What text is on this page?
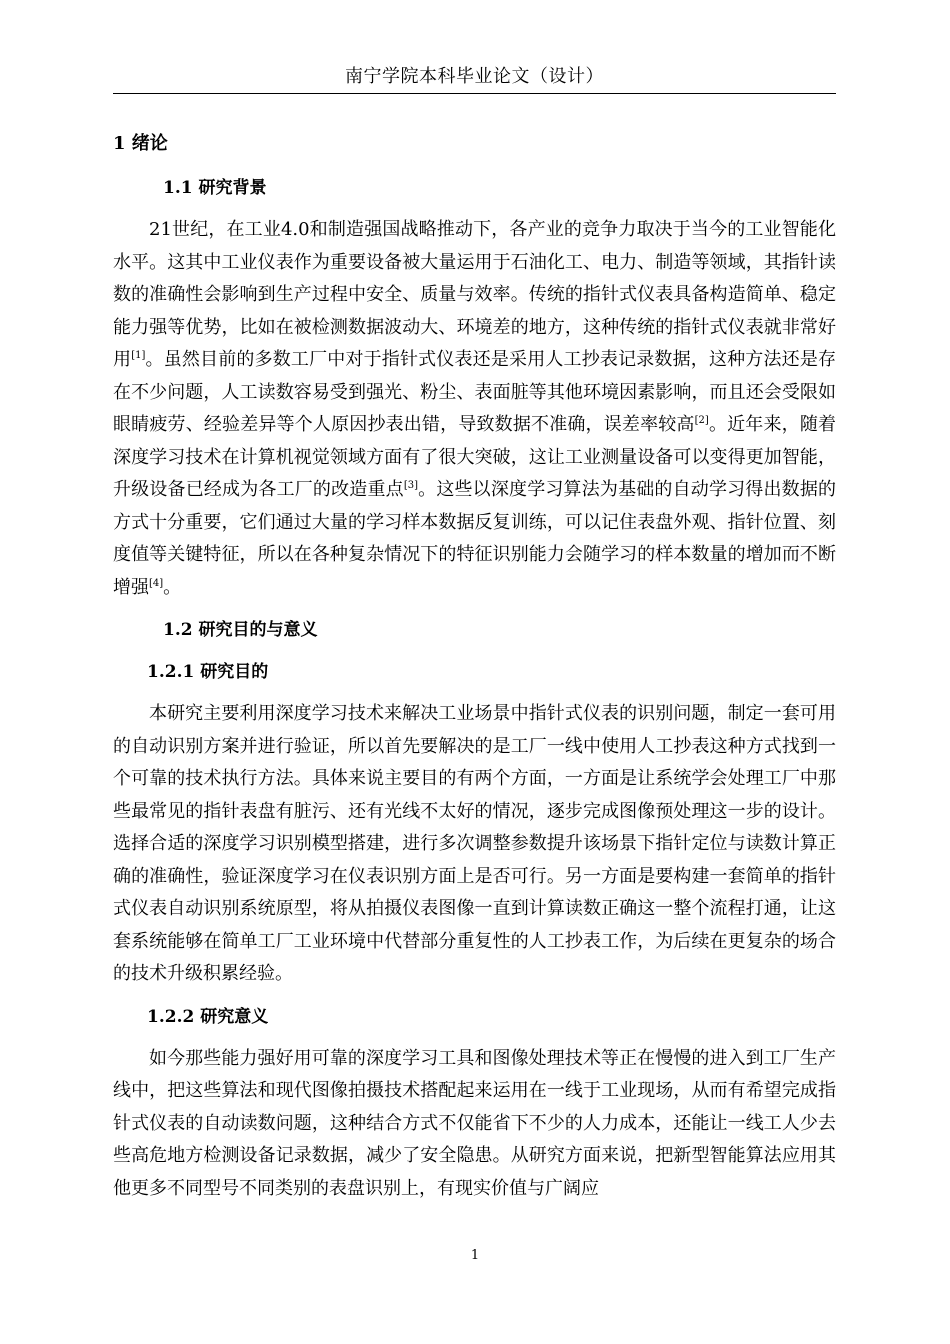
南宁学院本科毕业论文（设计）
1 绪论
1.1 研究背景

21世纪，在工业4.0和制造强国战略推动下，各产业的竞争力取决于当今的工业智能化水平。这其中工业仪表作为重要设备被大量运用于石油化工、电力、制造等领域，其指针读数的准确性会影响到生产过程中安全、质量与效率。传统的指针式仪表具备构造简单、稳定能力强等优势，比如在被检测数据波动大、环境差的地方，这种传统的指针式仪表就非常好用[1]。虽然目前的多数工厂中对于指针式仪表还是采用人工抄表记录数据，这种方法还是存在不少问题，人工读数容易受到强光、粉尘、表面脏等其他环境因素影响，而且还会受限如眼睛疲劳、经验差异等个人原因抄表出错，导致数据不准确，误差率较高[2]。近年来，随着深度学习技术在计算机视觉领域方面有了很大突破，这让工业测量设备可以变得更加智能，升级设备已经成为各工厂的改造重点[3]。这些以深度学习算法为基础的自动学习得出数据的方式十分重要，它们通过大量的学习样本数据反复训练，可以记住表盘外观、指针位置、刻度值等关键特征，所以在各种复杂情况下的特征识别能力会随学习的样本数量的增加而不断增强[4]。

1.2 研究目的与意义
1.2.1 研究目的

本研究主要利用深度学习技术来解决工业场景中指针式仪表的识别问题，制定一套可用的自动识别方案并进行验证，所以首先要解决的是工厂一线中使用人工抄表这种方式找到一个可靠的技术执行方法。具体来说主要目的有两个方面，一方面是让系统学会处理工厂中那些最常见的指针表盘有脏污、还有光线不太好的情况，逐步完成图像预处理这一步的设计。选择合适的深度学习识别模型搭建，进行多次调整参数提升该场景下指针定位与读数计算正确的准确性，验证深度学习在仪表识别方面上是否可行。另一方面是要构建一套简单的指针式仪表自动识别系统原型，将从拍摄仪表图像一直到计算读数正确这一整个流程打通，让这套系统能够在简单工厂工业环境中代替部分重复性的人工抄表工作，为后续在更复杂的场合的技术升级积累经验。

1.2.2 研究意义

如今那些能力强好用可靠的深度学习工具和图像处理技术等正在慢慢的进入到工厂生产线中，把这些算法和现代图像拍摄技术搭配起来运用在一线于工业现场，从而有希望完成指针式仪表的自动读数问题，这种结合方式不仅能省下不少的人力成本，还能让一线工人少去些高危地方检测设备记录数据，减少了安全隐患。从研究方面来说，把新型智能算法应用其他更多不同型号不同类别的表盘识别上，有现实价值与广阔应

1
